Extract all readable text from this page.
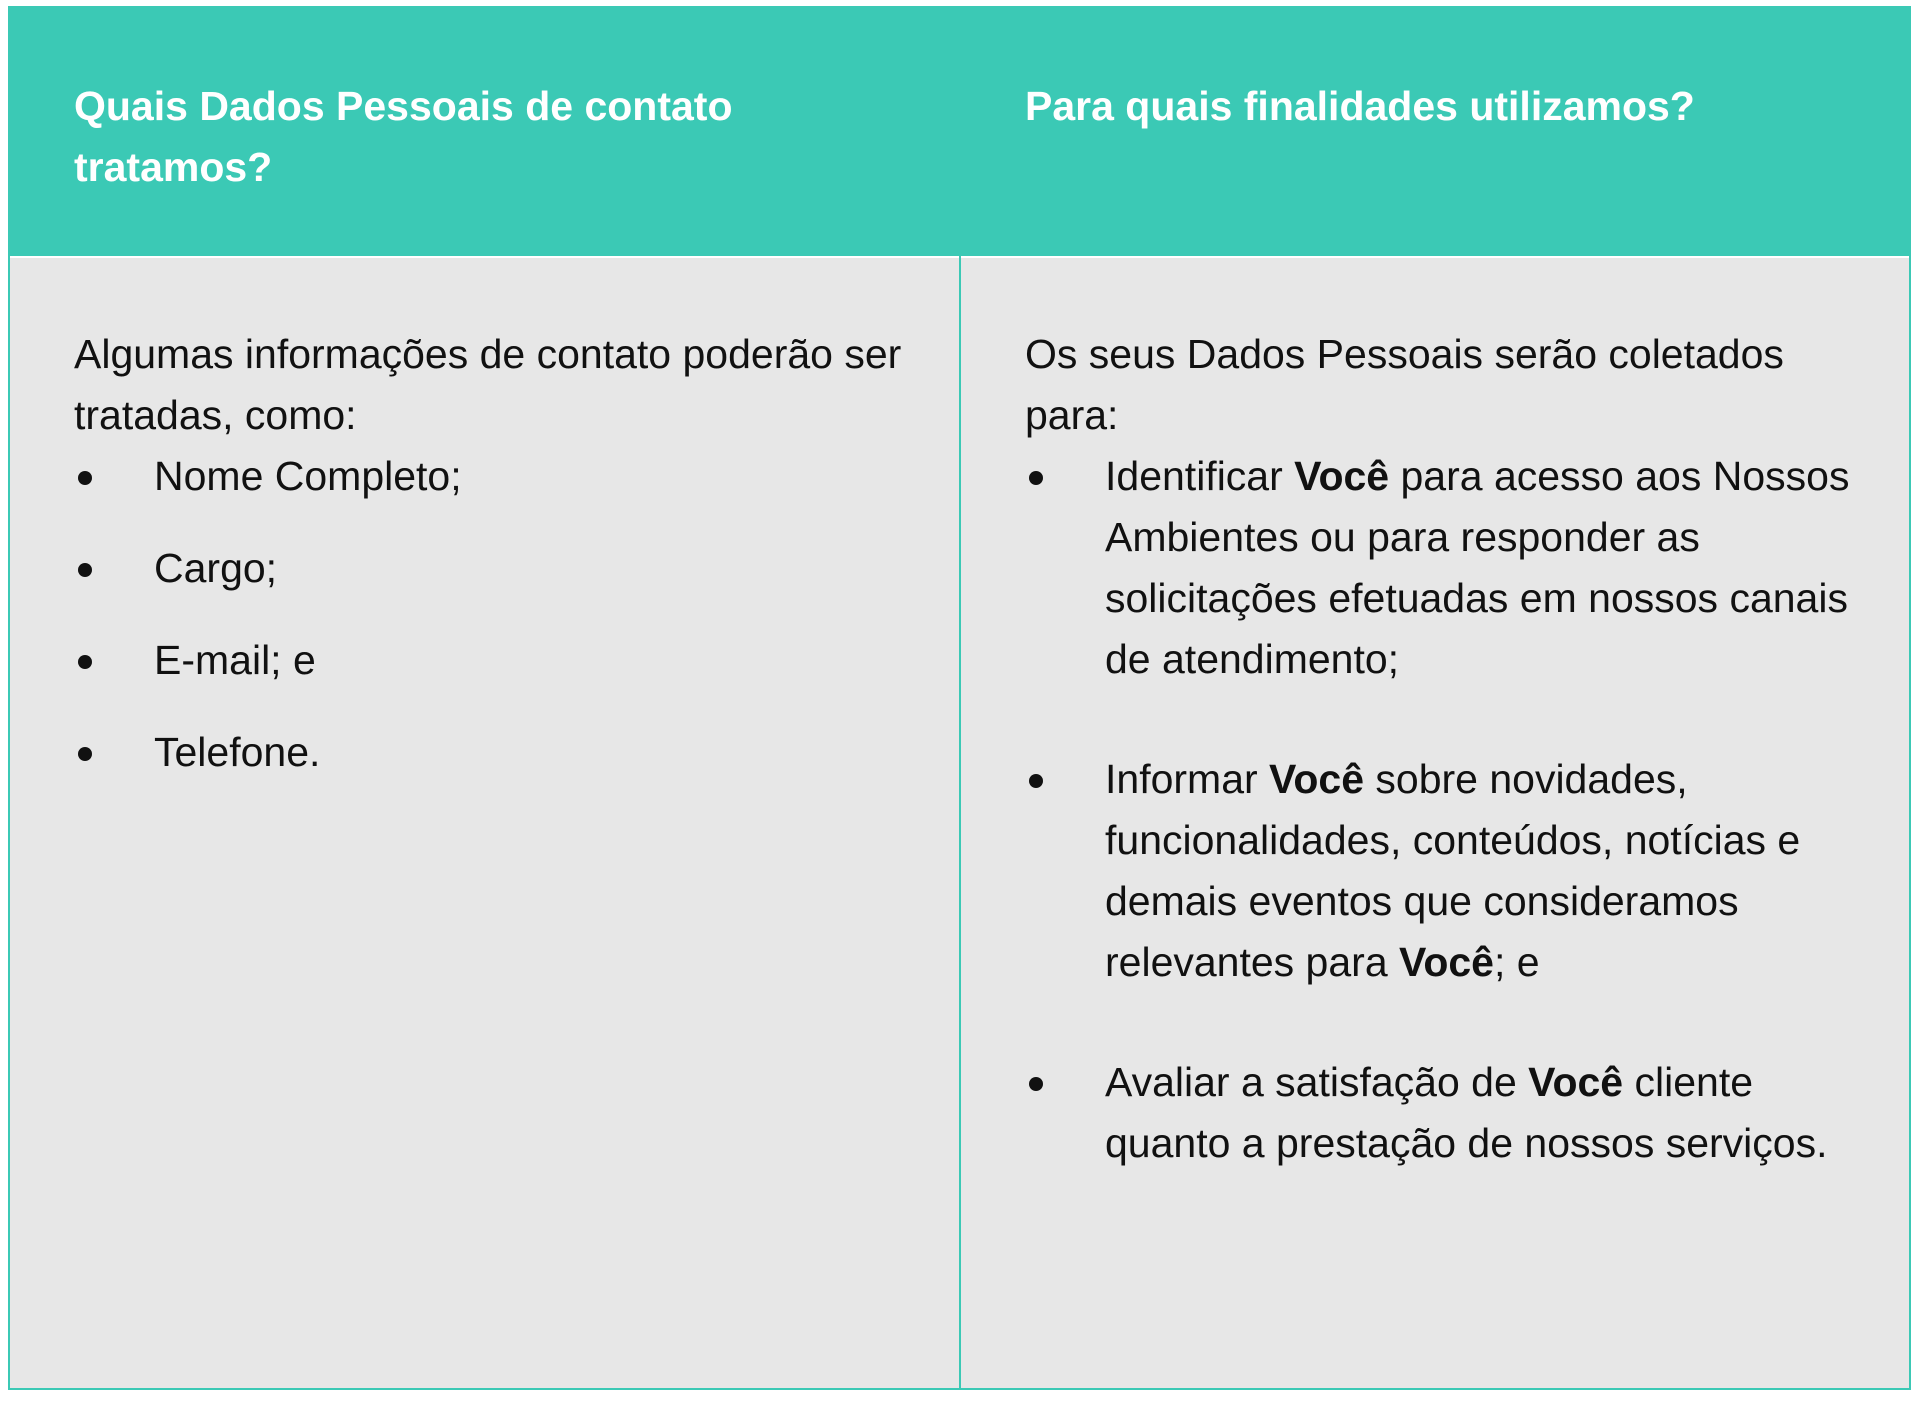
Quais Dados Pessoais de contato tratamos?

Algumas informações de contato poderão ser tratadas, como:

Nome Completo;
Cargo;
E-mail; e
Telefone.
Para quais finalidades utilizamos?

Os seus Dados Pessoais serão coletados para:

Identificar Você para acesso aos Nossos Ambientes ou para responder as solicitações efetuadas em nossos canais de atendimento;
Informar Você sobre novidades, funcionalidades, conteúdos, notícias e demais eventos que consideramos relevantes para Você; e
Avaliar a satisfação de Você cliente quanto a prestação de nossos serviços.
